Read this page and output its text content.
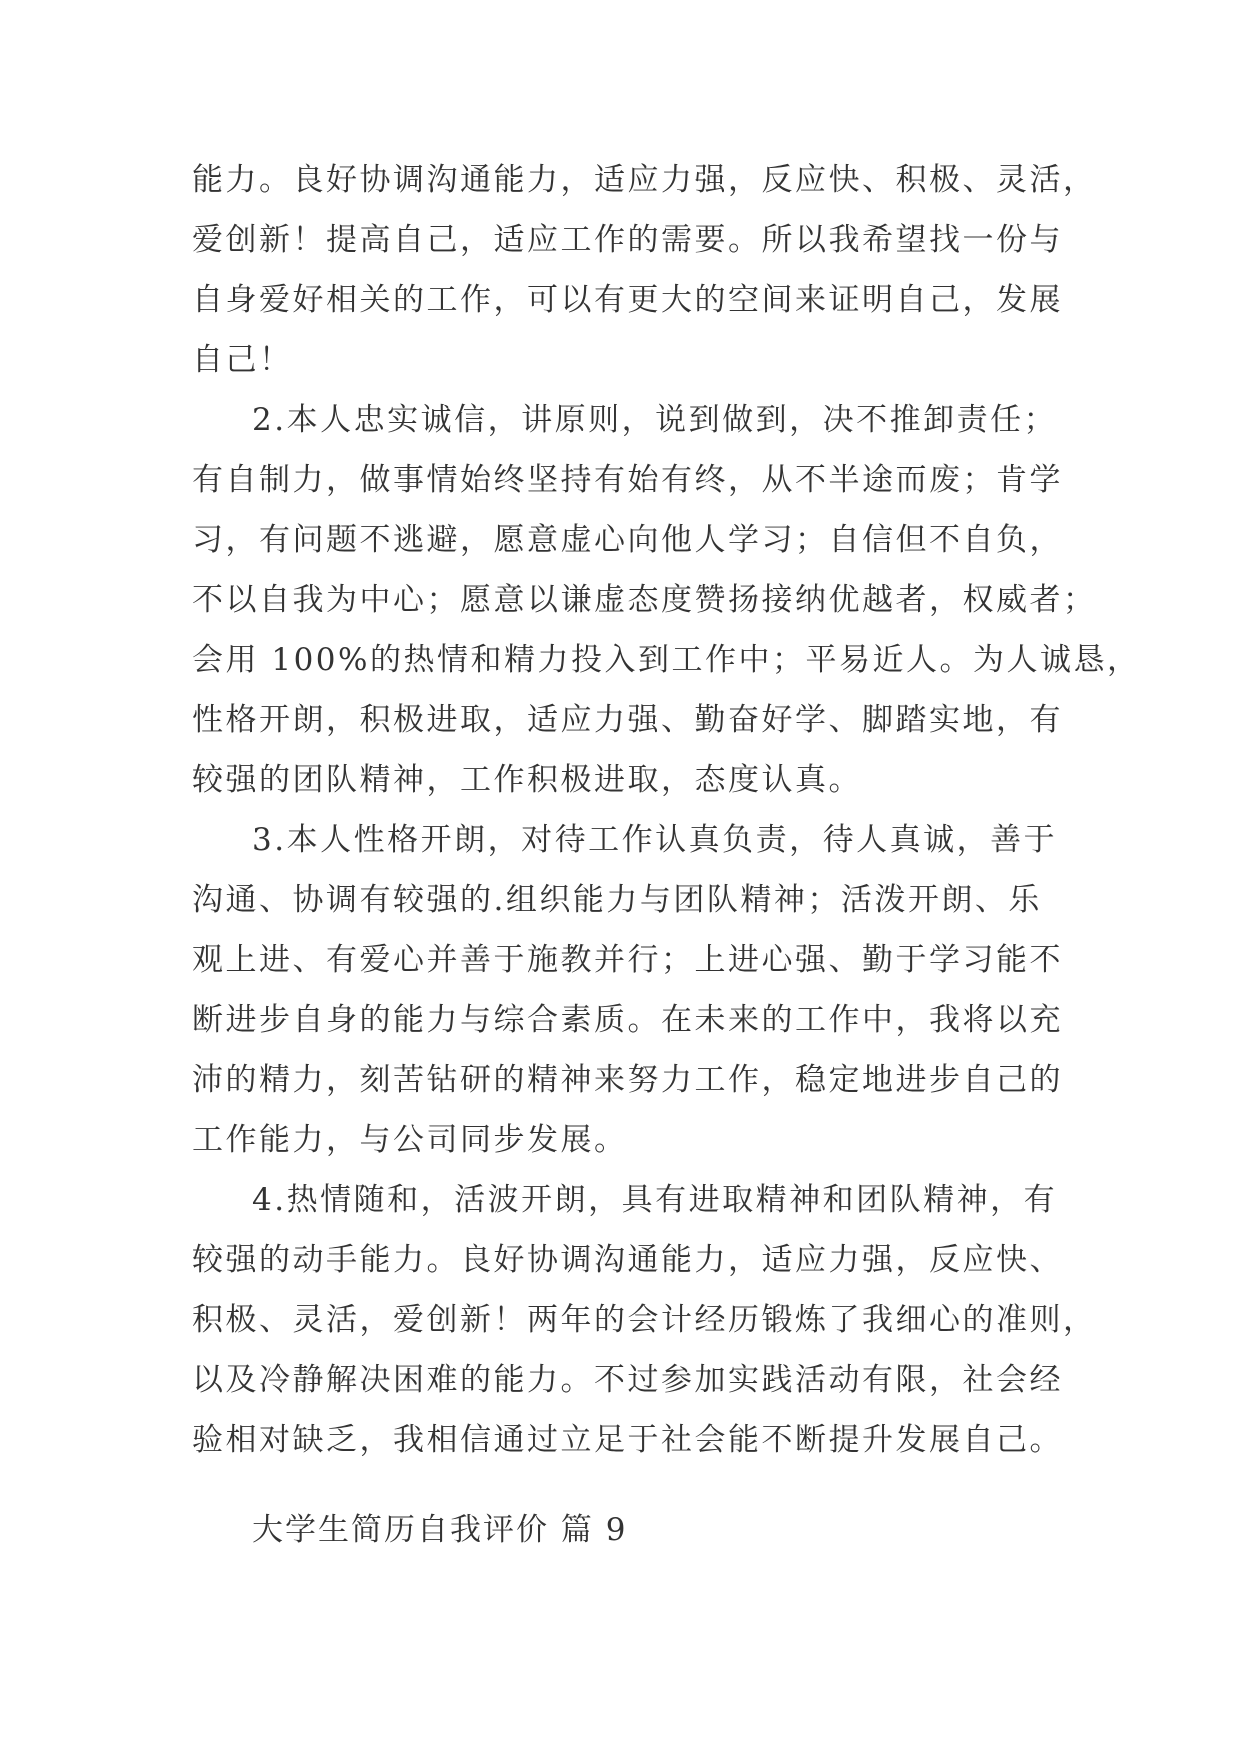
能力。良好协调沟通能力，适应力强，反应快、积极、灵活，
爱创新！提高自己，适应工作的需要。所以我希望找一份与
自身爱好相关的工作，可以有更大的空间来证明自己，发展
自己！
2.本人忠实诚信，讲原则，说到做到，决不推卸责任；
有自制力，做事情始终坚持有始有终，从不半途而废；肯学
习，有问题不逃避，愿意虚心向他人学习；自信但不自负，
不以自我为中心；愿意以谦虚态度赞扬接纳优越者，权威者；
会用 100%的热情和精力投入到工作中；平易近人。为人诚恳，
性格开朗，积极进取，适应力强、勤奋好学、脚踏实地，有
较强的团队精神，工作积极进取，态度认真。
3.本人性格开朗，对待工作认真负责，待人真诚，善于
沟通、协调有较强的.组织能力与团队精神；活泼开朗、乐
观上进、有爱心并善于施教并行；上进心强、勤于学习能不
断进步自身的能力与综合素质。在未来的工作中，我将以充
沛的精力，刻苦钻研的精神来努力工作，稳定地进步自己的
工作能力，与公司同步发展。
4.热情随和，活波开朗，具有进取精神和团队精神，有
较强的动手能力。良好协调沟通能力，适应力强，反应快、
积极、灵活，爱创新！两年的会计经历锻炼了我细心的准则，
以及冷静解决困难的能力。不过参加实践活动有限，社会经
验相对缺乏，我相信通过立足于社会能不断提升发展自己。
大学生简历自我评价 篇 9
